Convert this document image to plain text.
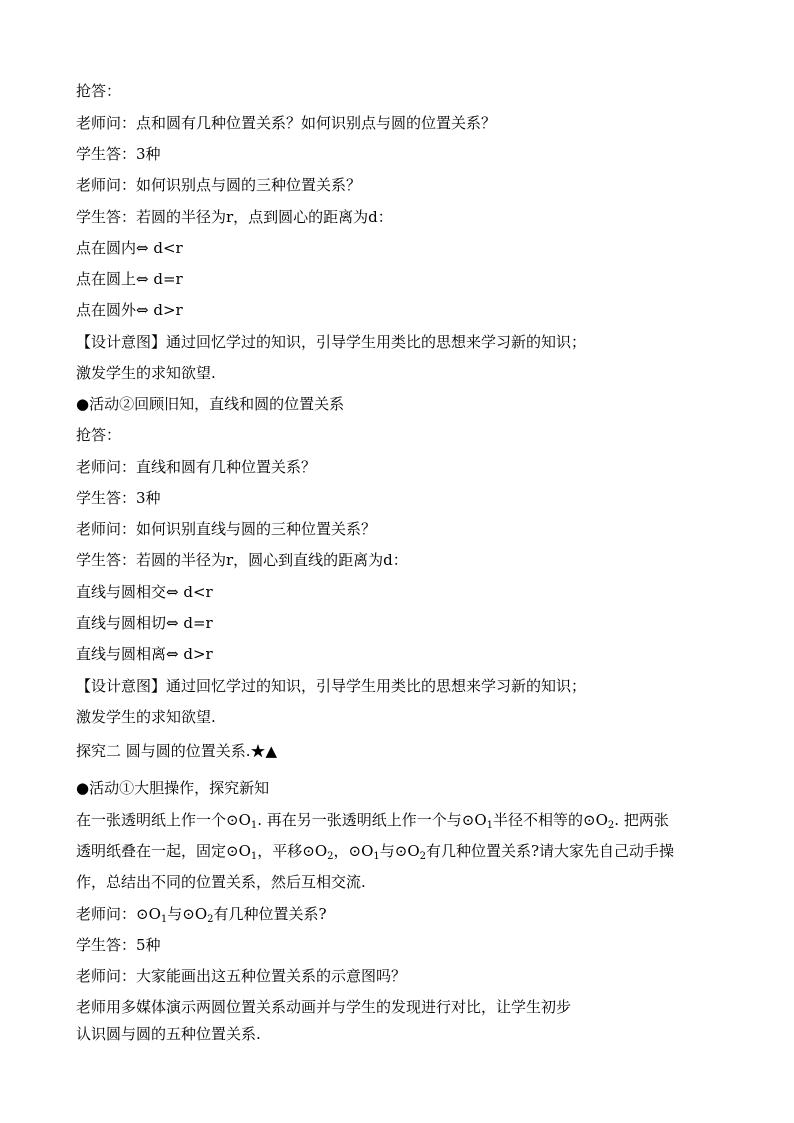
抢答：
老师问：点和圆有几种位置关系？如何识别点与圆的位置关系？
学生答：3种
老师问：如何识别点与圆的三种位置关系？
学生答：若圆的半径为r，点到圆心的距离为d：
点在圆内⇔ d<r
点在圆上⇔ d=r
点在圆外⇔ d>r
【设计意图】通过回忆学过的知识，引导学生用类比的思想来学习新的知识；
激发学生的求知欲望.
●活动②回顾旧知，直线和圆的位置关系
抢答：
老师问：直线和圆有几种位置关系？
学生答：3种
老师问：如何识别直线与圆的三种位置关系？
学生答：若圆的半径为r，圆心到直线的距离为d：
直线与圆相交⇔ d<r
直线与圆相切⇔ d=r
直线与圆相离⇔ d>r
【设计意图】通过回忆学过的知识，引导学生用类比的思想来学习新的知识；
激发学生的求知欲望.
探究二 圆与圆的位置关系.★▲
●活动①大胆操作，探究新知
在一张透明纸上作一个$⊙O_1$. 再在另一张透明纸上作一个与$⊙O_1$半径不相等的$⊙O_2$. 把两张
透明纸叠在一起，固定$⊙O_1$，平移$⊙O_2$，$⊙O_1$与$⊙O_2$有几种位置关系?请大家先自己动手操
作，总结出不同的位置关系，然后互相交流.
老师问：$⊙O_1$与$⊙O_2$有几种位置关系?
学生答：5种
老师问：大家能画出这五种位置关系的示意图吗？
老师用多媒体演示两圆位置关系动画并与学生的发现进行对比，让学生初步
认识圆与圆的五种位置关系.
